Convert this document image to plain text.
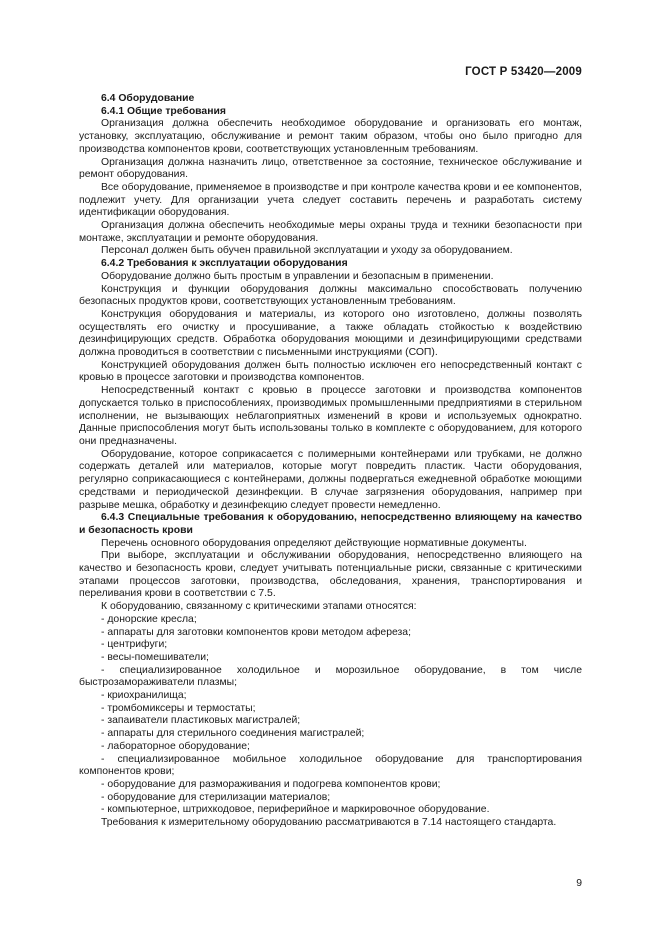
ГОСТ Р 53420—2009

6.4 Оборудование

6.4.1 Общие требования

Организация должна обеспечить необходимое оборудование и организовать его монтаж, установку, эксплуатацию, обслуживание и ремонт таким образом, чтобы оно было пригодно для производства компонентов крови, соответствующих установленным требованиям.

Организация должна назначить лицо, ответственное за состояние, техническое обслуживание и ремонт оборудования.

Все оборудование, применяемое в производстве и при контроле качества крови и ее компонентов, подлежит учету. Для организации учета следует составить перечень и разработать систему идентификации оборудования.

Организация должна обеспечить необходимые меры охраны труда и техники безопасности при монтаже, эксплуатации и ремонте оборудования.

Персонал должен быть обучен правильной эксплуатации и уходу за оборудованием.

6.4.2 Требования к эксплуатации оборудования

Оборудование должно быть простым в управлении и безопасным в применении.

Конструкция и функции оборудования должны максимально способствовать получению безопасных продуктов крови, соответствующих установленным требованиям.

Конструкция оборудования и материалы, из которого оно изготовлено, должны позволять осуществлять его очистку и просушивание, а также обладать стойкостью к воздействию дезинфицирующих средств. Обработка оборудования моющими и дезинфицирующими средствами должна проводиться в соответствии с письменными инструкциями (СОП).

Конструкцией оборудования должен быть полностью исключен его непосредственный контакт с кровью в процессе заготовки и производства компонентов.

Непосредственный контакт с кровью в процессе заготовки и производства компонентов допускается только в приспособлениях, производимых промышленными предприятиями в стерильном исполнении, не вызывающих неблагоприятных изменений в крови и используемых однократно. Данные приспособления могут быть использованы только в комплекте с оборудованием, для которого они предназначены.

Оборудование, которое соприкасается с полимерными контейнерами или трубками, не должно содержать деталей или материалов, которые могут повредить пластик. Части оборудования, регулярно соприкасающиеся с контейнерами, должны подвергаться ежедневной обработке моющими средствами и периодической дезинфекции. В случае загрязнения оборудования, например при разрыве мешка, обработку и дезинфекцию следует провести немедленно.

6.4.3 Специальные требования к оборудованию, непосредственно влияющему на качество и безопасность крови

Перечень основного оборудования определяют действующие нормативные документы.

При выборе, эксплуатации и обслуживании оборудования, непосредственно влияющего на качество и безопасность крови, следует учитывать потенциальные риски, связанные с критическими этапами процессов заготовки, производства, обследования, хранения, транспортирования и переливания крови в соответствии с 7.5.

К оборудованию, связанному с критическими этапами относятся:

- донорские кресла;

- аппараты для заготовки компонентов крови методом афереза;

- центрифуги;

- весы-помешиватели;

- специализированное холодильное и морозильное оборудование, в том числе быстрозамораживатели плазмы;

- криохранилища;

- тромбомиксеры и термостаты;

- запаиватели пластиковых магистралей;

- аппараты для стерильного соединения магистралей;

- лабораторное оборудование;

- специализированное мобильное холодильное оборудование для транспортирования компонентов крови;

- оборудование для размораживания и подогрева компонентов крови;

- оборудование для стерилизации материалов;

- компьютерное, штрихкодовое, периферийное и маркировочное оборудование.

Требования к измерительному оборудованию рассматриваются в 7.14 настоящего стандарта.

9
